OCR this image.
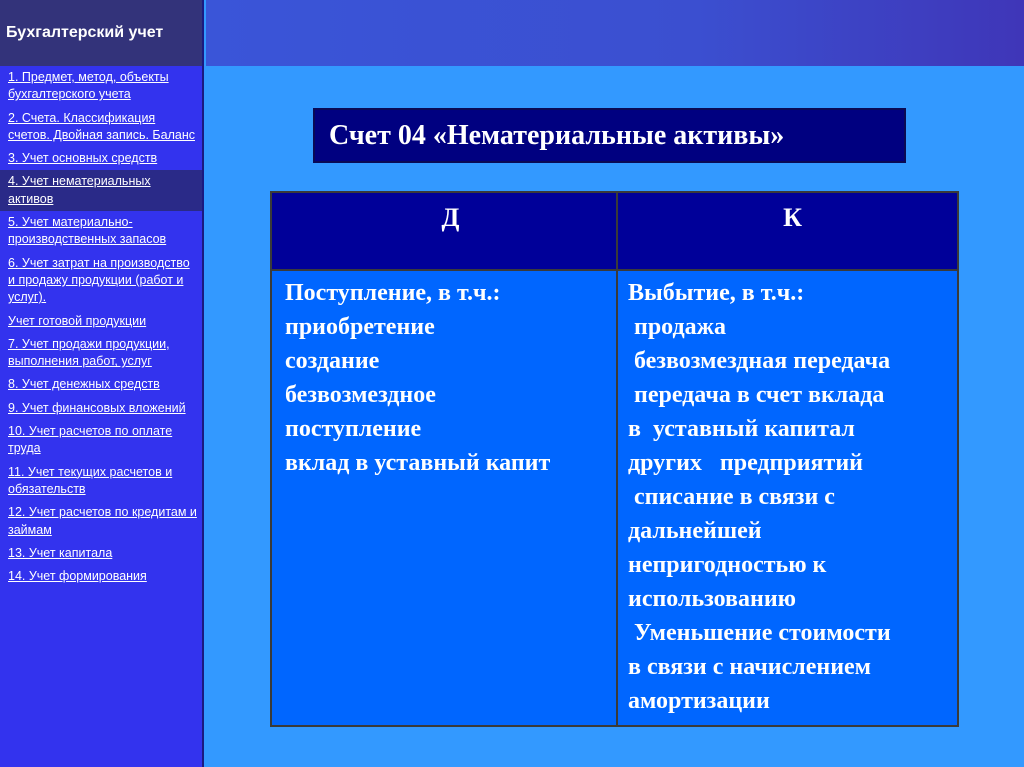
Бухгалтерский учет
1. Предмет, метод, объекты бухгалтерского учета
2. Счета. Классификация счетов. Двойная запись. Баланс
3. Учет основных средств
4. Учет нематериальных активов
5. Учет материально-производственных запасов
6. Учет затрат на производство и продажу продукции (работ и услуг).
Учет готовой продукции
7. Учет продажи продукции, выполнения работ, услуг
8. Учет денежных средств
9. Учет финансовых вложений
10. Учет расчетов по оплате труда
11. Учет текущих расчетов и обязательств
12. Учет расчетов по кредитам и займам
13. Учет капитала
14. Учет формирования
Счет 04 «Нематериальные активы»
Д	К
Поступление, в т.ч.:
приобретение
создание
безвозмездное
поступление
вклад в уставный капит
Выбытие, в т.ч.:
продажа
безвозмездная передача
передача в счет вклада
в  уставный капитал
других   предприятий
списание в связи с
дальнейшей
непригодностью к
использованию
Уменьшение стоимости
в связи с начислением
амортизации
